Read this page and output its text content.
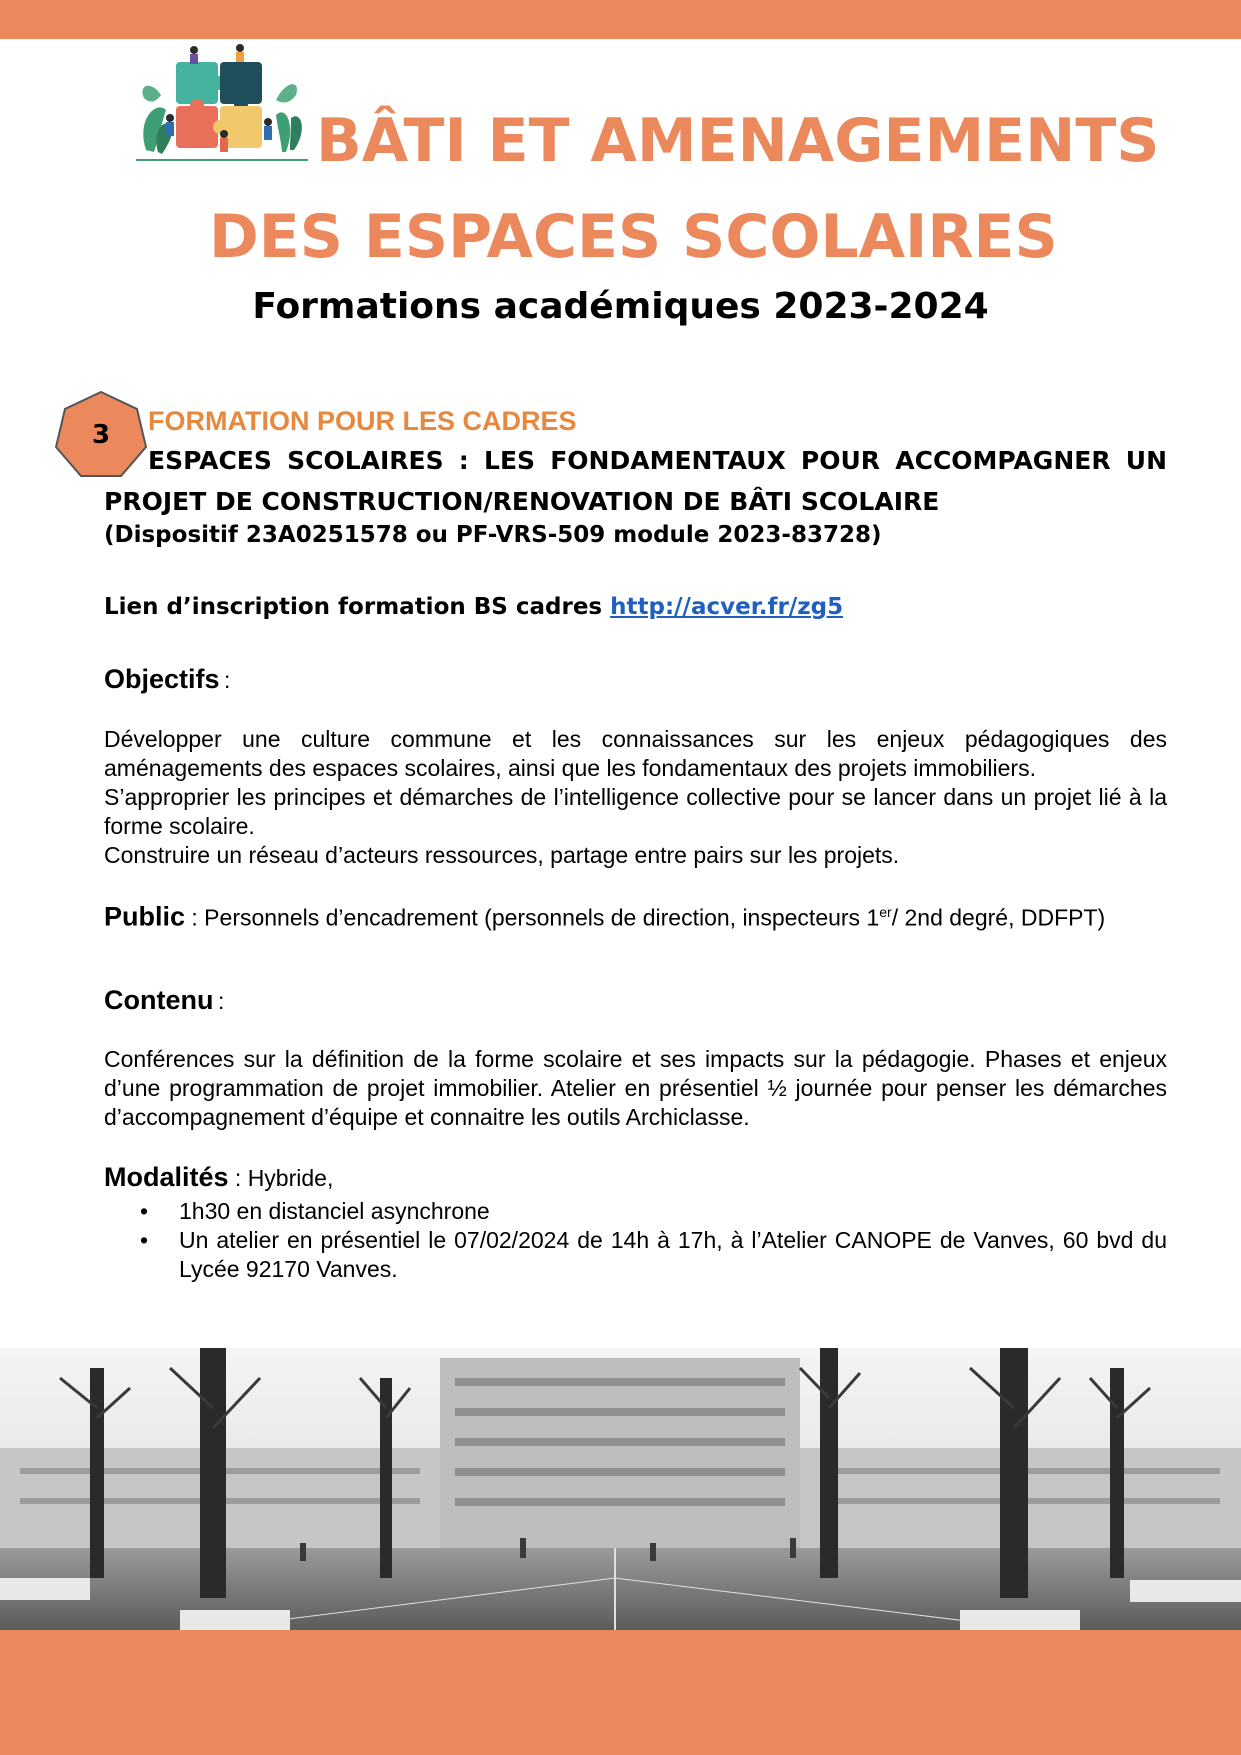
BÂTI ET AMENAGEMENTS
DES ESPACES SCOLAIRES
Formations académiques 2023-2024
3	FORMATION POUR LES CADRES
ESPACES SCOLAIRES : LES FONDAMENTAUX POUR ACCOMPAGNER UN PROJET DE CONSTRUCTION/RENOVATION DE BÂTI SCOLAIRE
(Dispositif 23A0251578 ou PF-VRS-509 module 2023-83728)
Lien d’inscription formation BS cadres http://acver.fr/zg5
Objectifs :
Développer une culture commune et les connaissances sur les enjeux pédagogiques des aménagements des espaces scolaires, ainsi que les fondamentaux des projets immobiliers.
S’approprier les principes et démarches de l’intelligence collective pour se lancer dans un projet lié à la forme scolaire.
Construire un réseau d’acteurs ressources, partage entre pairs sur les projets.
Public : Personnels d’encadrement (personnels de direction, inspecteurs 1er/ 2nd degré, DDFPT)
Contenu :
Conférences sur la définition de la forme scolaire et ses impacts sur la pédagogie. Phases et enjeux d’une programmation de projet immobilier. Atelier en présentiel ½ journée pour penser les démarches d’accompagnement d’équipe et connaitre les outils Archiclasse.
Modalités : Hybride,
• 1h30 en distanciel asynchrone
• Un atelier en présentiel le 07/02/2024 de 14h à 17h, à l’Atelier CANOPE de Vanves, 60 bvd du Lycée 92170 Vanves.
